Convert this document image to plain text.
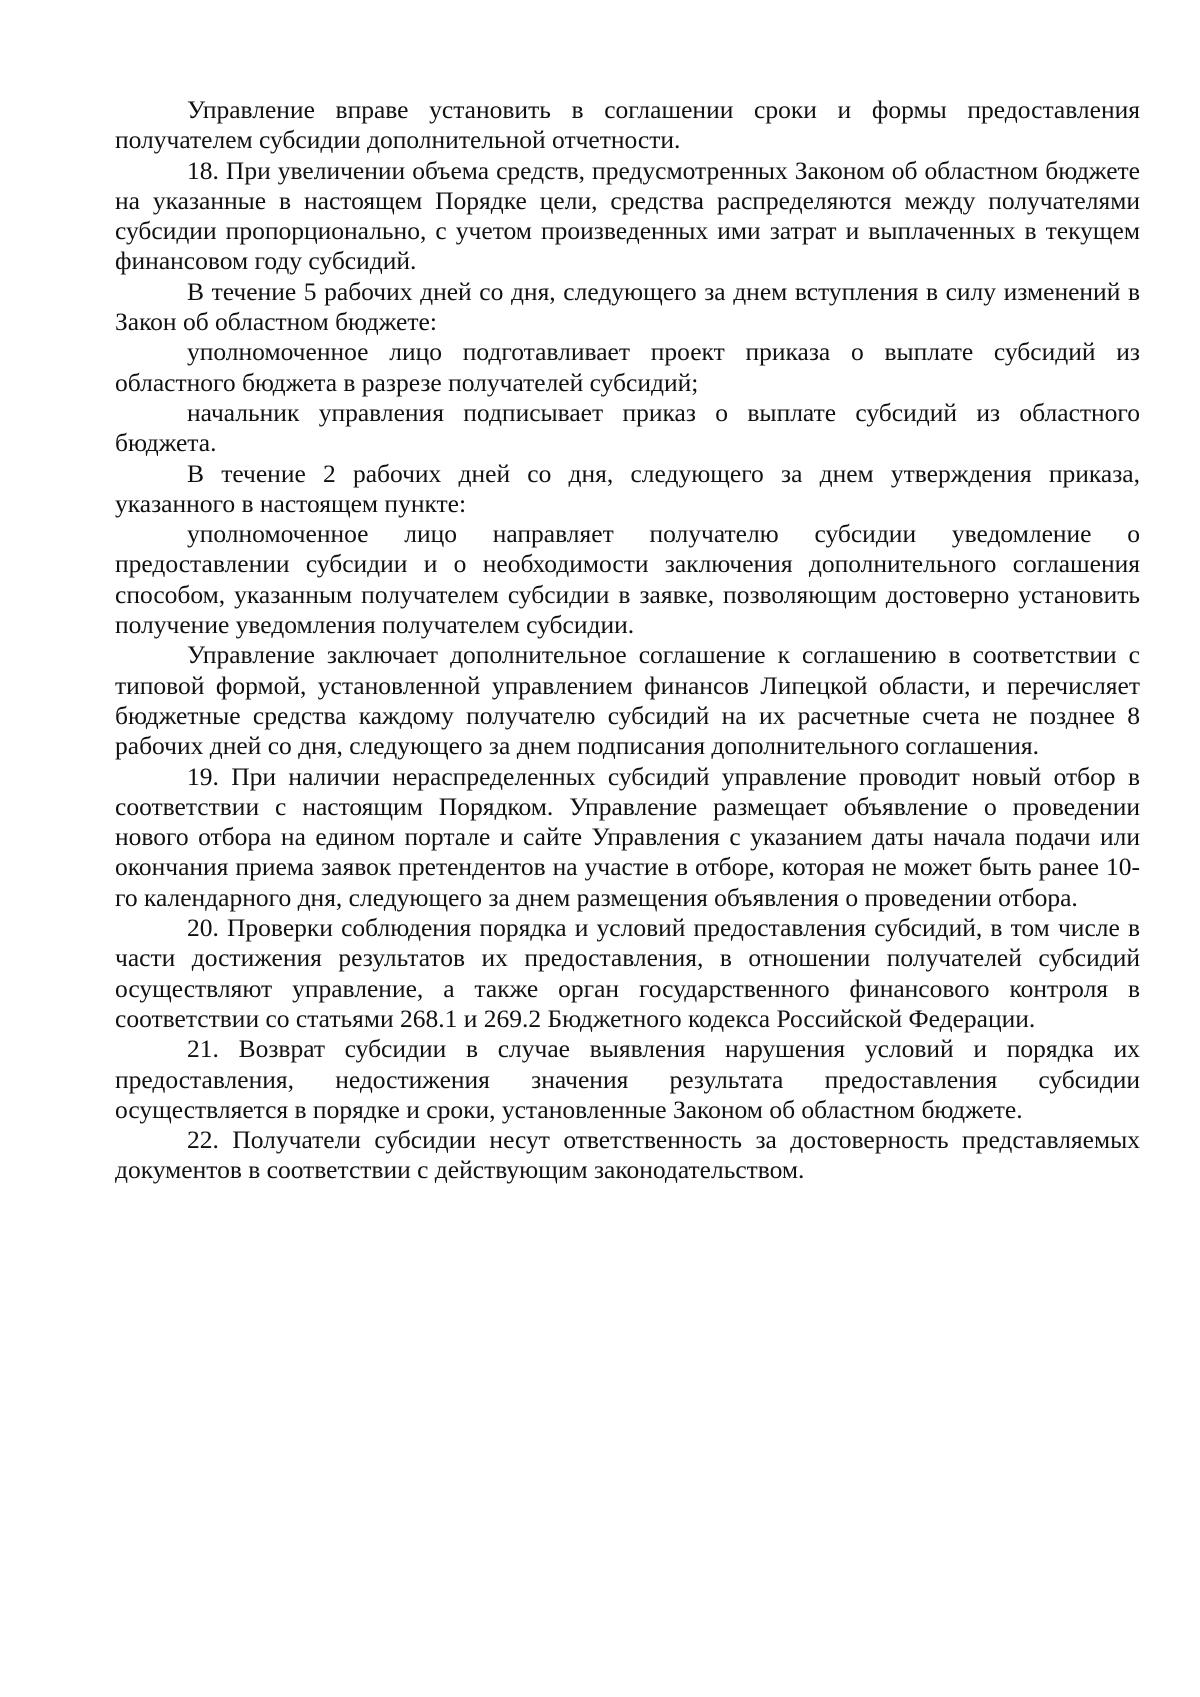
Управление вправе установить в соглашении сроки и формы предоставления получателем субсидии дополнительной отчетности.

18. При увеличении объема средств, предусмотренных Законом об областном бюджете на указанные в настоящем Порядке цели, средства распределяются между получателями субсидии пропорционально, с учетом произведенных ими затрат и выплаченных в текущем финансовом году субсидий.

В течение 5 рабочих дней со дня, следующего за днем вступления в силу изменений в Закон об областном бюджете:

уполномоченное лицо подготавливает проект приказа о выплате субсидий из областного бюджета в разрезе получателей субсидий;

начальник управления подписывает приказ о выплате субсидий из областного бюджета.

В течение 2 рабочих дней со дня, следующего за днем утверждения приказа, указанного в настоящем пункте:

уполномоченное лицо направляет получателю субсидии уведомление о предоставлении субсидии и о необходимости заключения дополнительного соглашения способом, указанным получателем субсидии в заявке, позволяющим достоверно установить получение уведомления получателем субсидии.

Управление заключает дополнительное соглашение к соглашению в соответствии с типовой формой, установленной управлением финансов Липецкой области, и перечисляет бюджетные средства каждому получателю субсидий на их расчетные счета не позднее 8 рабочих дней со дня, следующего за днем подписания дополнительного соглашения.

19. При наличии нераспределенных субсидий управление проводит новый отбор в соответствии с настоящим Порядком. Управление размещает объявление о проведении нового отбора на едином портале и сайте Управления с указанием даты начала подачи или окончания приема заявок претендентов на участие в отборе, которая не может быть ранее 10-го календарного дня, следующего за днем размещения объявления о проведении отбора.

20. Проверки соблюдения порядка и условий предоставления субсидий, в том числе в части достижения результатов их предоставления, в отношении получателей субсидий осуществляют управление, а также орган государственного финансового контроля в соответствии со статьями 268.1 и 269.2 Бюджетного кодекса Российской Федерации.

21. Возврат субсидии в случае выявления нарушения условий и порядка их предоставления, недостижения значения результата предоставления субсидии осуществляется в порядке и сроки, установленные Законом об областном бюджете.

22. Получатели субсидии несут ответственность за достоверность представляемых документов в соответствии с действующим законодательством.
